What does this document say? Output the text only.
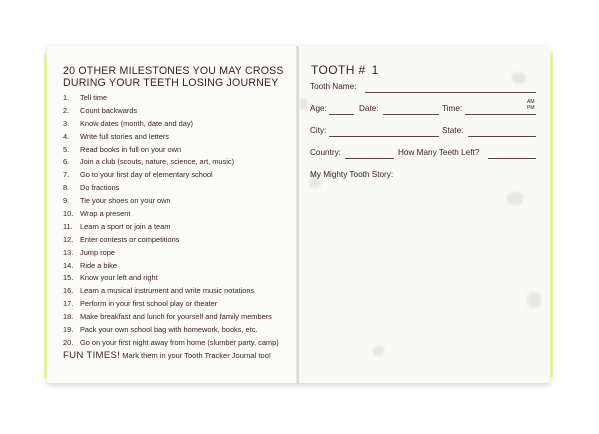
20 OTHER MILESTONES YOU MAY CROSS
DURING YOUR TEETH LOSING JOURNEY
1. Tell time
2. Count backwards
3. Know dates (month, date and day)
4. Write full stories and letters
5. Read books in full on your own
6. Join a club (scouts, nature, science, art, music)
7. Go to your first day of elementary school
8. Do fractions
9. Tie your shoes on your own
10. Wrap a present
11. Learn a sport or join a team
12. Enter contests or competitions
13. Jump rope
14. Ride a bike
15. Know your left and right
16. Learn a musical instrument and write music notations
17. Perform in your first school play or theater
18. Make breakfast and lunch for yourself and family members
19. Pack your own school bag with homework, books, etc.
20. Go on your first night away from home (slumber party, camp)
FUN TIMES! Mark them in your Tooth Tracker Journal too!
TOOTH # 1
Tooth Name:
Age:	Date:	Time:
AM
PM
City:	State:
Country:	How Many Teeth Left?
My Mighty Tooth Story:
